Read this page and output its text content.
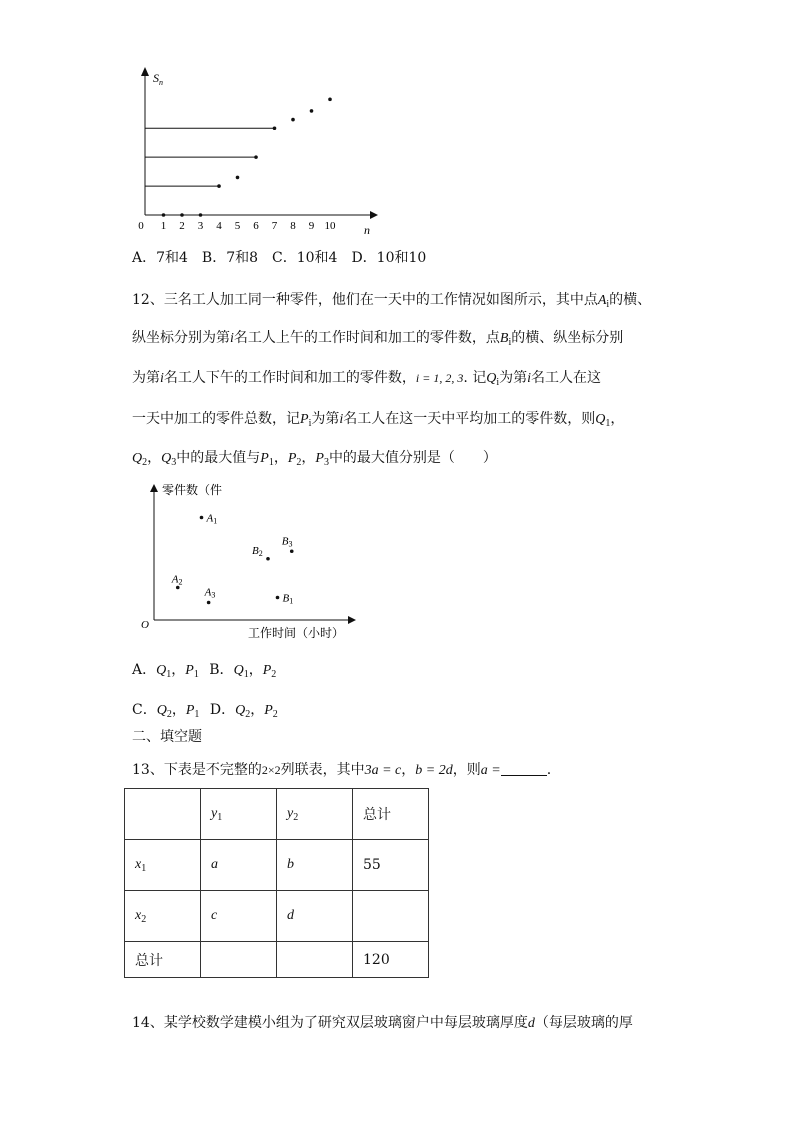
$S_n$
n
0 1 2 3 4 5 6 7 8 9 10
A．7和4　B．7和8　C．10和4　D．10和10
12、三名工人加工同一种零件，他们在一天中的工作情况如图所示，其中点$A_i$的横、
纵坐标分别为第i名工人上午的工作时间和加工的零件数，点$B_i$的横、纵坐标分别
为第i名工人下午的工作时间和加工的零件数，i = 1, 2, 3. 记$Q_i$为第i名工人在这
一天中加工的零件总数，记$P_i$为第i名工人在这一天中平均加工的零件数，则$Q_1$，
$Q_2$，$Q_3$中的最大值与$P_1$，$P_2$，$P_3$中的最大值分别是（　　）
零件数（件
工作时间（小时）
O
A1
A2
A3	B1
B2
B3
A．$Q_1$，$P_1$ B．$Q_1$，$P_2$
C．$Q_2$，$P_1$ D．$Q_2$，$P_2$
二、填空题
13、下表是不完整的2×2列联表，其中3a = c，b = 2d，则a =	.
	$y_1$	$y_2$	总计
$x_1$	a	b	55
$x_2$	c	d	
总计			120
14、某学校数学建模小组为了研究双层玻璃窗户中每层玻璃厚度d（每层玻璃的厚
